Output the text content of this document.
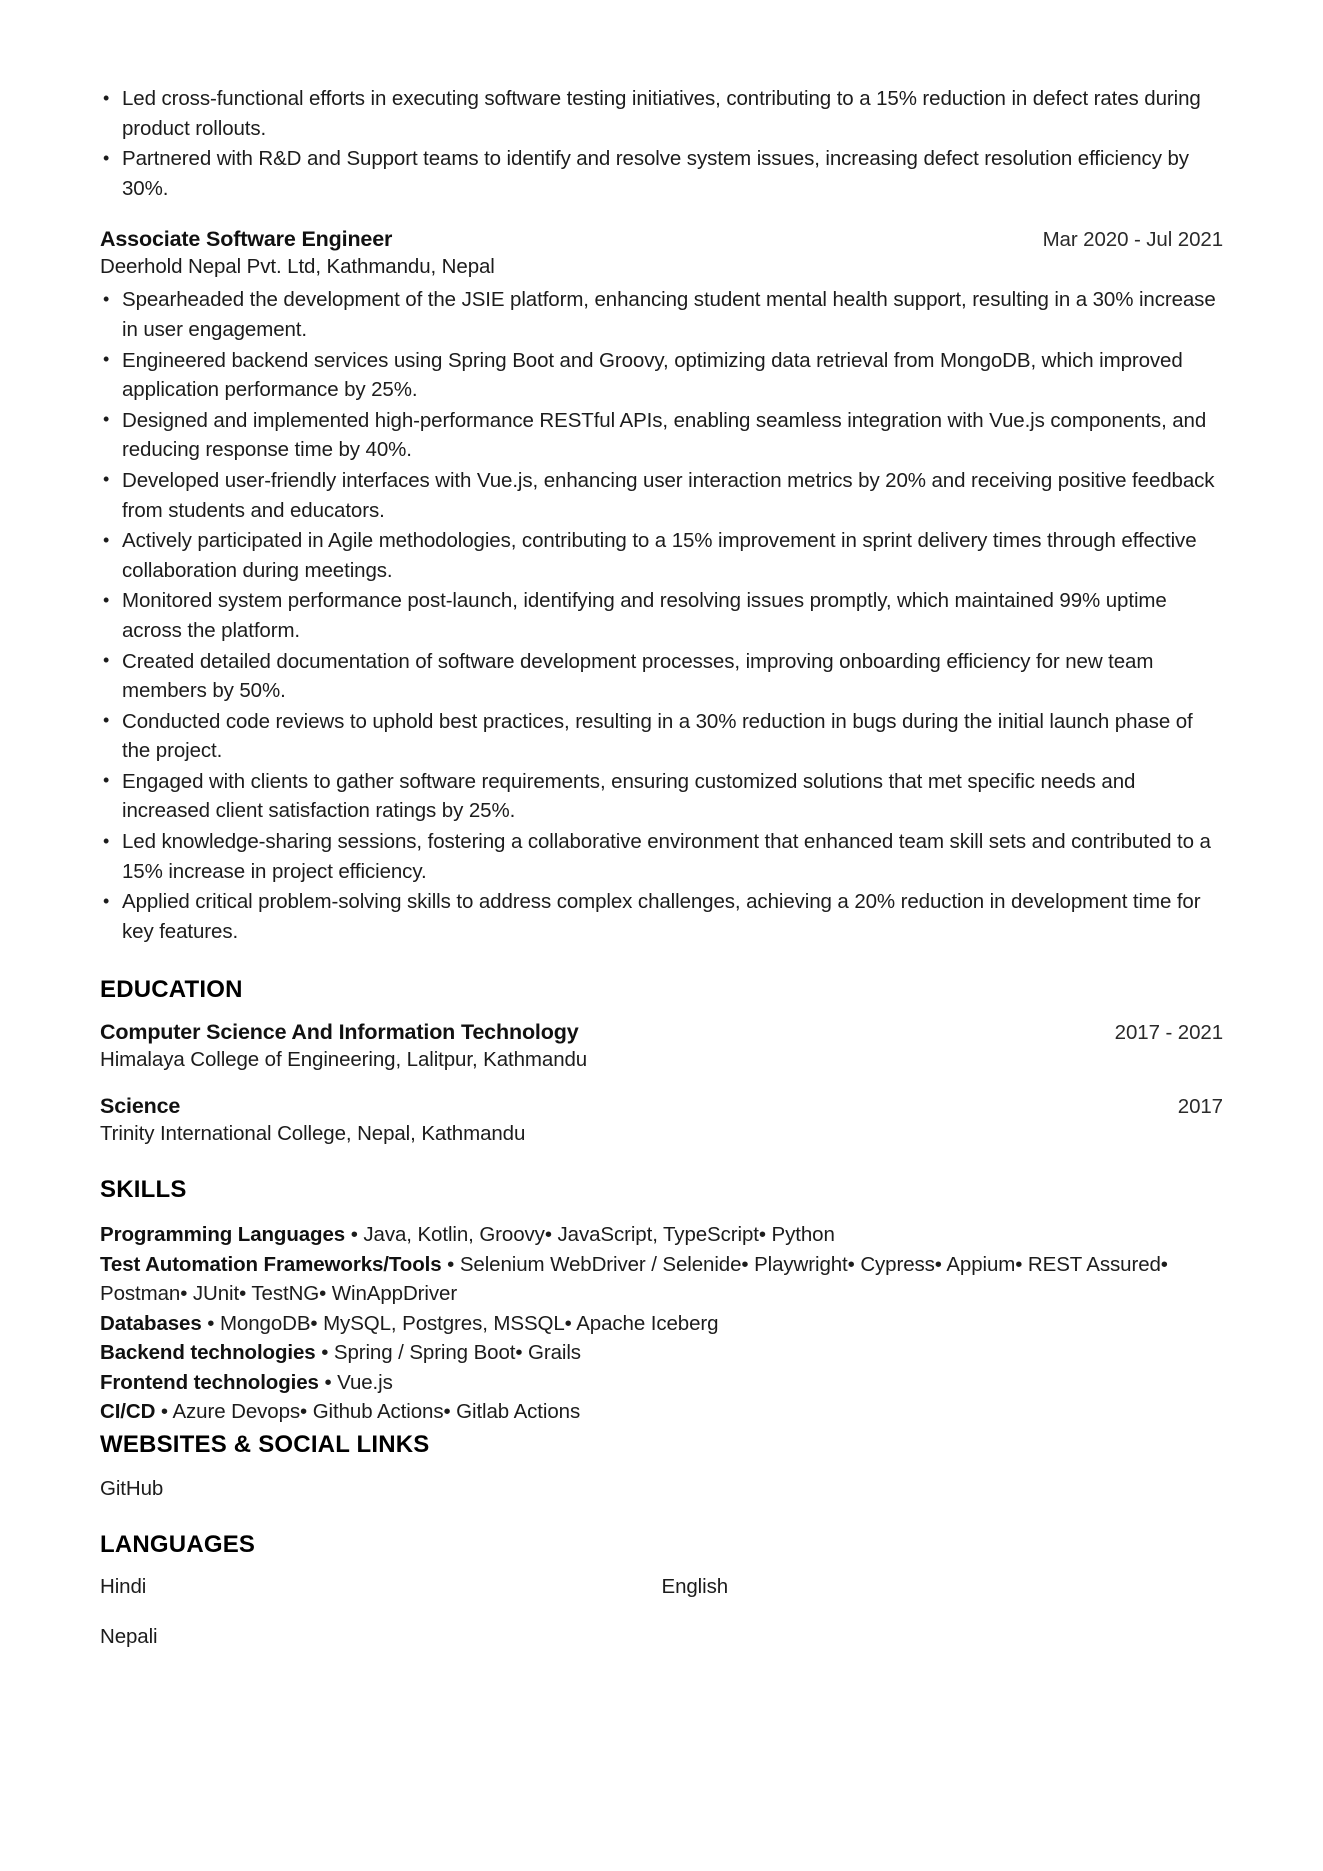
• Led cross-functional efforts in executing software testing initiatives, contributing to a 15% reduction in defect rates during product rollouts.
• Partnered with R&D and Support teams to identify and resolve system issues, increasing defect resolution efficiency by 30%.
Associate Software Engineer	Mar 2020 - Jul 2021
Deerhold Nepal Pvt. Ltd, Kathmandu, Nepal
• Spearheaded the development of the JSIE platform, enhancing student mental health support, resulting in a 30% increase in user engagement.
• Engineered backend services using Spring Boot and Groovy, optimizing data retrieval from MongoDB, which improved application performance by 25%.
• Designed and implemented high-performance RESTful APIs, enabling seamless integration with Vue.js components, and reducing response time by 40%.
• Developed user-friendly interfaces with Vue.js, enhancing user interaction metrics by 20% and receiving positive feedback from students and educators.
• Actively participated in Agile methodologies, contributing to a 15% improvement in sprint delivery times through effective collaboration during meetings.
• Monitored system performance post-launch, identifying and resolving issues promptly, which maintained 99% uptime across the platform.
• Created detailed documentation of software development processes, improving onboarding efficiency for new team members by 50%.
• Conducted code reviews to uphold best practices, resulting in a 30% reduction in bugs during the initial launch phase of the project.
• Engaged with clients to gather software requirements, ensuring customized solutions that met specific needs and increased client satisfaction ratings by 25%.
• Led knowledge-sharing sessions, fostering a collaborative environment that enhanced team skill sets and contributed to a 15% increase in project efficiency.
• Applied critical problem-solving skills to address complex challenges, achieving a 20% reduction in development time for key features.
EDUCATION
Computer Science And Information Technology	2017 - 2021
Himalaya College of Engineering, Lalitpur, Kathmandu
Science	2017
Trinity International College, Nepal, Kathmandu
SKILLS
Programming Languages • Java, Kotlin, Groovy• JavaScript, TypeScript• Python
Test Automation Frameworks/Tools • Selenium WebDriver / Selenide• Playwright• Cypress• Appium• REST Assured• Postman• JUnit• TestNG• WinAppDriver
Databases • MongoDB• MySQL, Postgres, MSSQL• Apache Iceberg
Backend technologies • Spring / Spring Boot• Grails
Frontend technologies • Vue.js
CI/CD • Azure Devops• Github Actions• Gitlab Actions
WEBSITES & SOCIAL LINKS
GitHub
LANGUAGES
Hindi	English
Nepali
